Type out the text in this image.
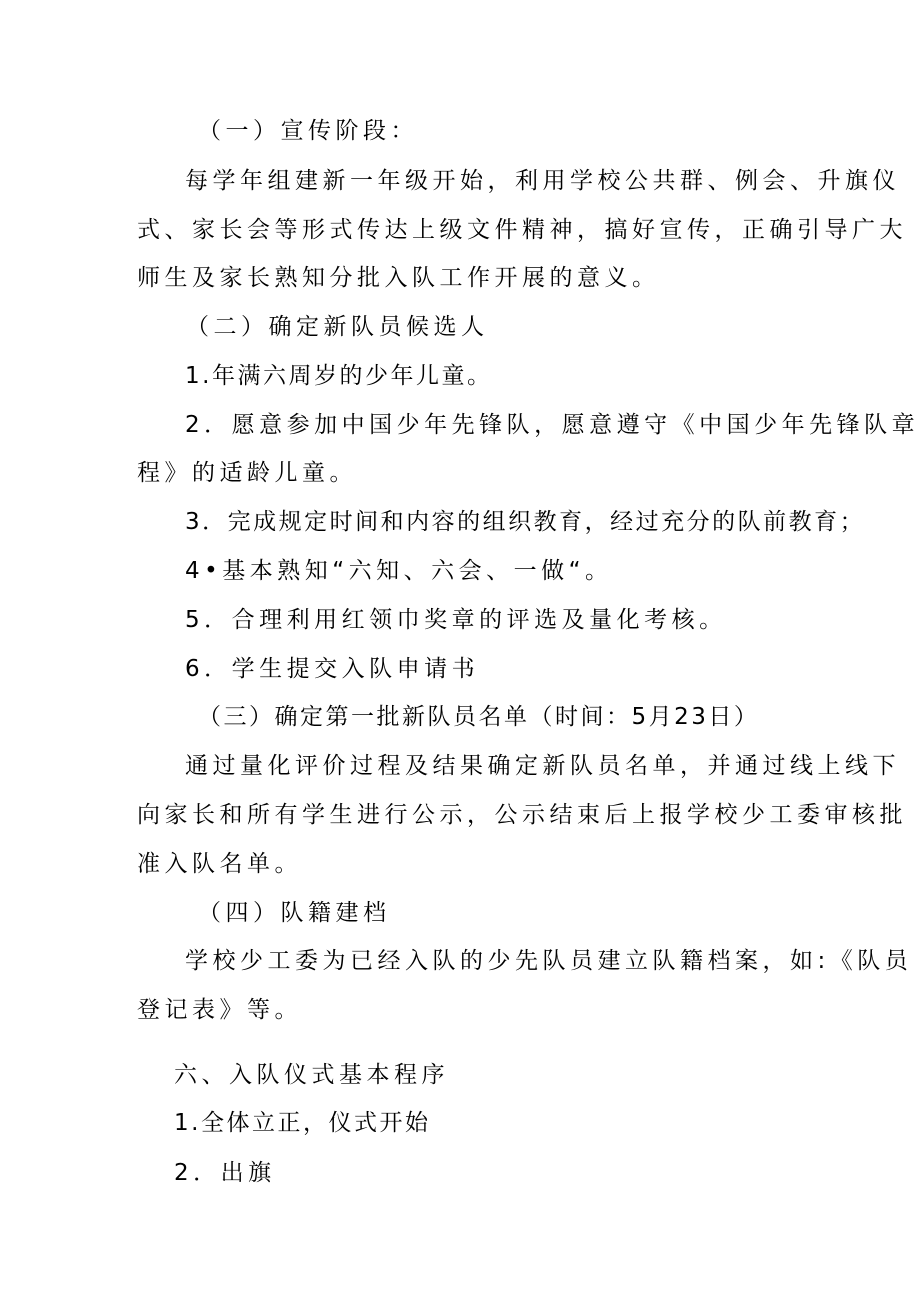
（一）宣传阶段：
每学年组建新一年级开始，利用学校公共群、例会、升旗仪
式、家长会等形式传达上级文件精神，搞好宣传，正确引导广大
师生及家长熟知分批入队工作开展的意义。
（二）确定新队员候选人
1.年满六周岁的少年儿童。
2．愿意参加中国少年先锋队，愿意遵守《中国少年先锋队章
程》的适龄儿童。
3．完成规定时间和内容的组织教育，经过充分的队前教育；
4•基本熟知“六知、六会、一做“。
5．合理利用红领巾奖章的评选及量化考核。
6．学生提交入队申请书
（三）确定第一批新队员名单（时间：5月23日）
通过量化评价过程及结果确定新队员名单，并通过线上线下
向家长和所有学生进行公示，公示结束后上报学校少工委审核批
准入队名单。
（四）队籍建档
学校少工委为已经入队的少先队员建立队籍档案，如:《队员
登记表》等。
六、入队仪式基本程序
1.全体立正，仪式开始
2．出旗
